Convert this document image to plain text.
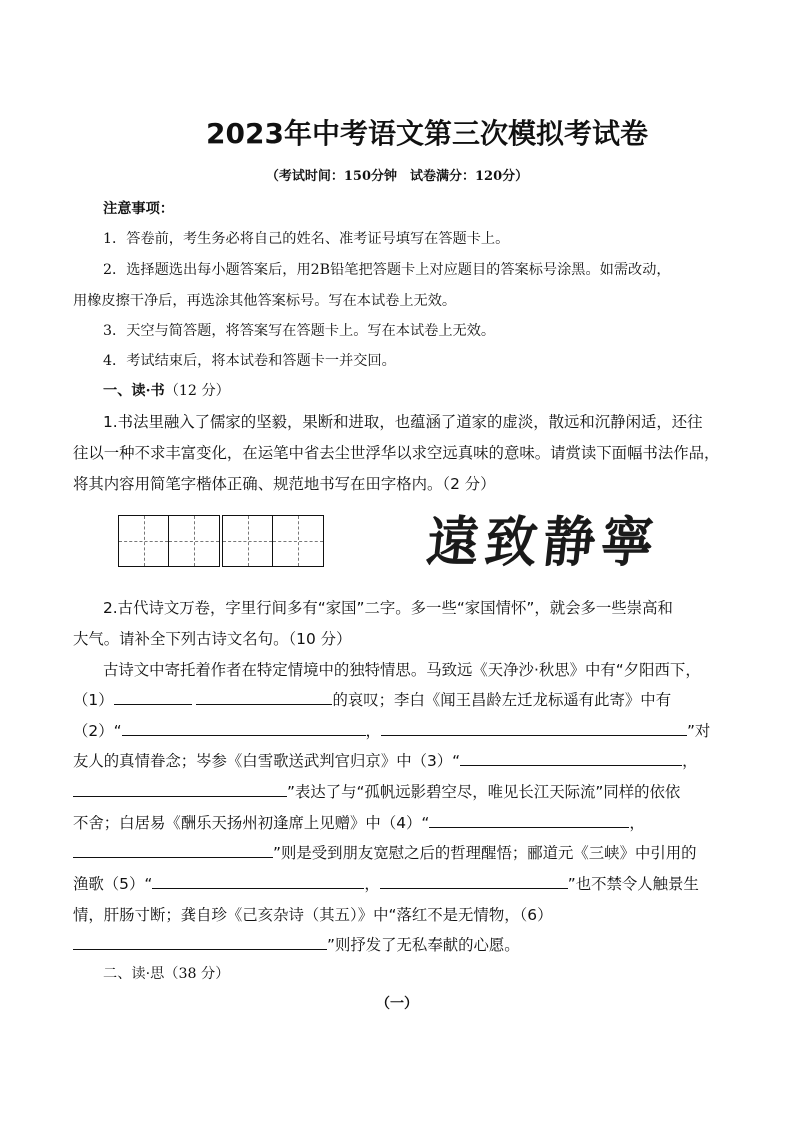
2023年中考语文第三次模拟考试卷
（考试时间：150分钟　试卷满分：120分）
注意事项：
1．答卷前，考生务必将自己的姓名、准考证号填写在答题卡上。
2．选择题选出每小题答案后，用2B铅笔把答题卡上对应题目的答案标号涂黑。如需改动，
用橡皮擦干净后，再选涂其他答案标号。写在本试卷上无效。
3．天空与简答题，将答案写在答题卡上。写在本试卷上无效。
4．考试结束后，将本试卷和答题卡一并交回。
一、读·书（12 分）
1.书法里融入了儒家的坚毅，果断和进取，也蕴涵了道家的虚淡，散远和沉静闲适，还往
往以一种不求丰富变化，在运笔中省去尘世浮华以求空远真味的意味。请赏读下面幅书法作品，
将其内容用简笔字楷体正确、规范地书写在田字格内。（2 分）
遠
致
静
寧
2.古代诗文万卷，字里行间多有“家国”二字。多一些“家国情怀”，就会多一些崇高和
大气。请补全下列古诗文名句。（10 分）
古诗文中寄托着作者在特定情境中的独特情思。马致远《天净沙·秋思》中有“夕阳西下，
（1）	的哀叹；李白《闻王昌龄左迁龙标遥有此寄》中有
（2）“	，	”对
友人的真情眷念；岑参《白雪歌送武判官归京》中（3）“	，
”表达了与“孤帆远影碧空尽，唯见长江天际流”同样的依依
不舍；白居易《酬乐天扬州初逢席上见赠》中（4）“	，
”则是受到朋友宽慰之后的哲理醒悟；郦道元《三峡》中引用的
渔歌（5）“	，	”也不禁令人触景生
情，肝肠寸断；龚自珍《己亥杂诗（其五）》中“落红不是无情物，（6）
”则抒发了无私奉献的心愿。
二、读·思（38 分）
（一）
